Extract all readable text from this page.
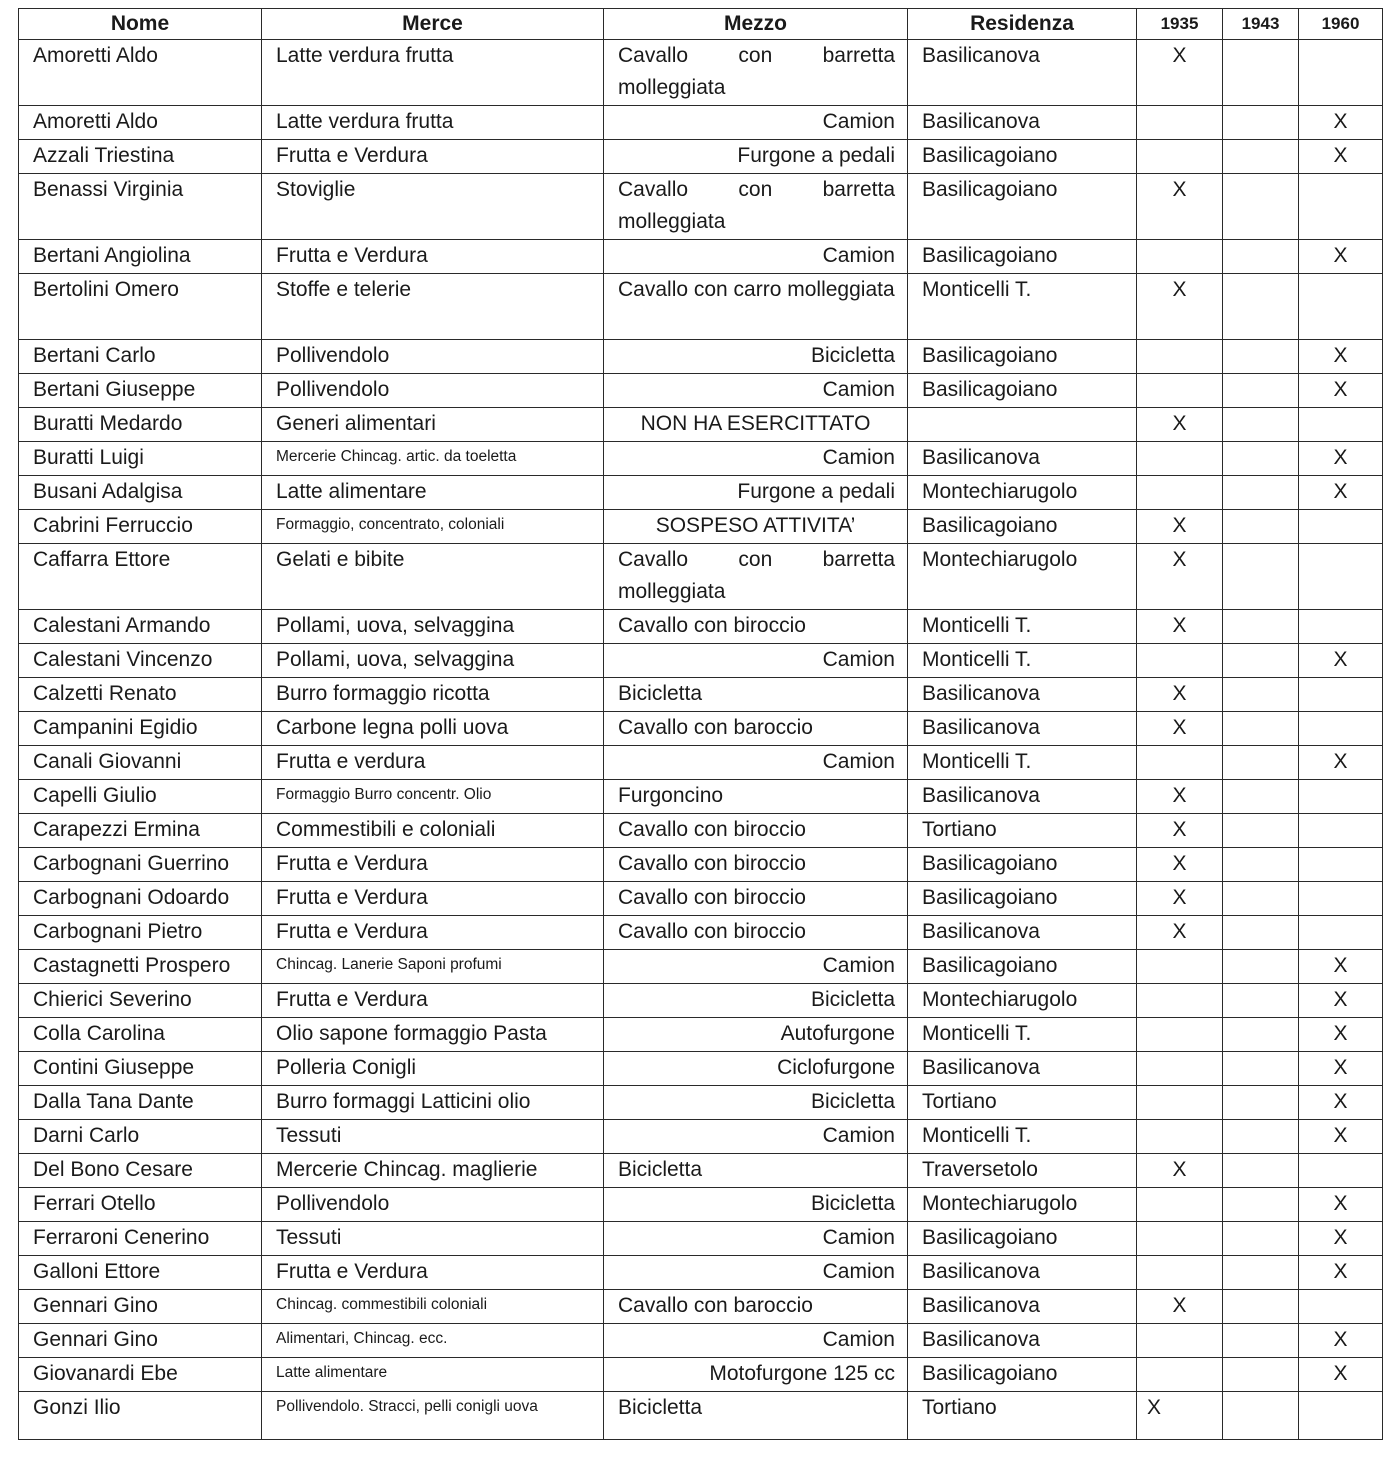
Nome	Merce	Mezzo	Residenza	1935	1943	1960
Amoretti Aldo	Latte verdura frutta	Cavallo con barretta molleggiata	Basilicanova	X		
Amoretti Aldo	Latte verdura frutta	Camion	Basilicanova			X
Azzali Triestina	Frutta e Verdura	Furgone a pedali	Basilicagoiano			X
Benassi Virginia	Stoviglie	Cavallo con barretta molleggiata	Basilicagoiano	X		
Bertani Angiolina	Frutta e Verdura	Camion	Basilicagoiano			X
Bertolini Omero	Stoffe e telerie	Cavallo con carro molleggiata	Monticelli T.	X		
Bertani Carlo	Pollivendolo	Bicicletta	Basilicagoiano			X
Bertani Giuseppe	Pollivendolo	Camion	Basilicagoiano			X
Buratti Medardo	Generi alimentari	NON HA ESERCITTATO		X		
Buratti Luigi	Mercerie Chincag. artic. da toeletta	Camion	Basilicanova			X
Busani Adalgisa	Latte alimentare	Furgone a pedali	Montechiarugolo			X
Cabrini Ferruccio	Formaggio, concentrato, coloniali	SOSPESO ATTIVITA’	Basilicagoiano	X		
Caffarra Ettore	Gelati e bibite	Cavallo con barretta molleggiata	Montechiarugolo	X		
Calestani Armando	Pollami, uova, selvaggina	Cavallo con biroccio	Monticelli T.	X		
Calestani Vincenzo	Pollami, uova, selvaggina	Camion	Monticelli T.			X
Calzetti Renato	Burro formaggio ricotta	Bicicletta	Basilicanova	X		
Campanini Egidio	Carbone legna polli uova	Cavallo con baroccio	Basilicanova	X		
Canali Giovanni	Frutta e verdura	Camion	Monticelli T.			X
Capelli Giulio	Formaggio Burro concentr. Olio	Furgoncino	Basilicanova	X		
Carapezzi Ermina	Commestibili e coloniali	Cavallo con biroccio	Tortiano	X		
Carbognani Guerrino	Frutta e Verdura	Cavallo con biroccio	Basilicagoiano	X		
Carbognani Odoardo	Frutta e Verdura	Cavallo con biroccio	Basilicagoiano	X		
Carbognani Pietro	Frutta e Verdura	Cavallo con biroccio	Basilicanova	X		
Castagnetti Prospero	Chincag. Lanerie Saponi profumi	Camion	Basilicagoiano			X
Chierici Severino	Frutta e Verdura	Bicicletta	Montechiarugolo			X
Colla Carolina	Olio sapone formaggio Pasta	Autofurgone	Monticelli T.			X
Contini Giuseppe	Polleria Conigli	Ciclofurgone	Basilicanova			X
Dalla Tana Dante	Burro formaggi Latticini olio	Bicicletta	Tortiano			X
Darni Carlo	Tessuti	Camion	Monticelli T.			X
Del Bono Cesare	Mercerie Chincag. maglierie	Bicicletta	Traversetolo	X		
Ferrari Otello	Pollivendolo	Bicicletta	Montechiarugolo			X
Ferraroni Cenerino	Tessuti	Camion	Basilicagoiano			X
Galloni Ettore	Frutta e Verdura	Camion	Basilicanova			X
Gennari Gino	Chincag. commestibili coloniali	Cavallo con baroccio	Basilicanova	X		
Gennari Gino	Alimentari, Chincag. ecc.	Camion	Basilicanova			X
Giovanardi Ebe	Latte alimentare	Motofurgone 125 cc	Basilicagoiano			X
Gonzi Ilio	Pollivendolo. Stracci, pelli conigli uova	Bicicletta	Tortiano	X		
